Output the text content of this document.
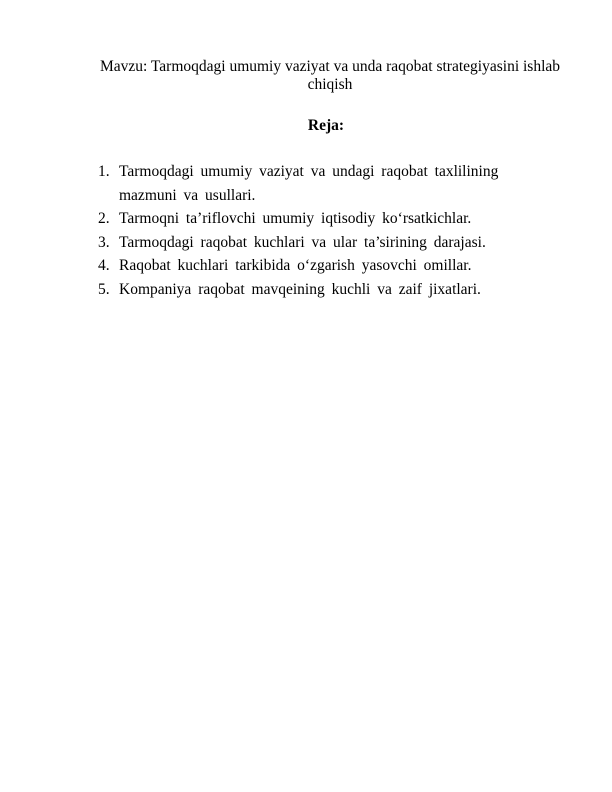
Mavzu: Tarmoqdagi umumiy vaziyat va unda raqobat strategiyasini ishlab chiqish
Reja:
1. Tarmoqdagi umumiy vaziyat va undagi raqobat taxlilining mazmuni va usullari.
2. Tarmoqni ta’riflovchi umumiy iqtisodiy ko‘rsatkichlar.
3. Tarmoqdagi raqobat kuchlari va ular ta’sirining darajasi.
4. Raqobat kuchlari tarkibida o‘zgarish yasovchi omillar.
5. Kompaniya raqobat mavqeining kuchli va zaif jixatlari.
